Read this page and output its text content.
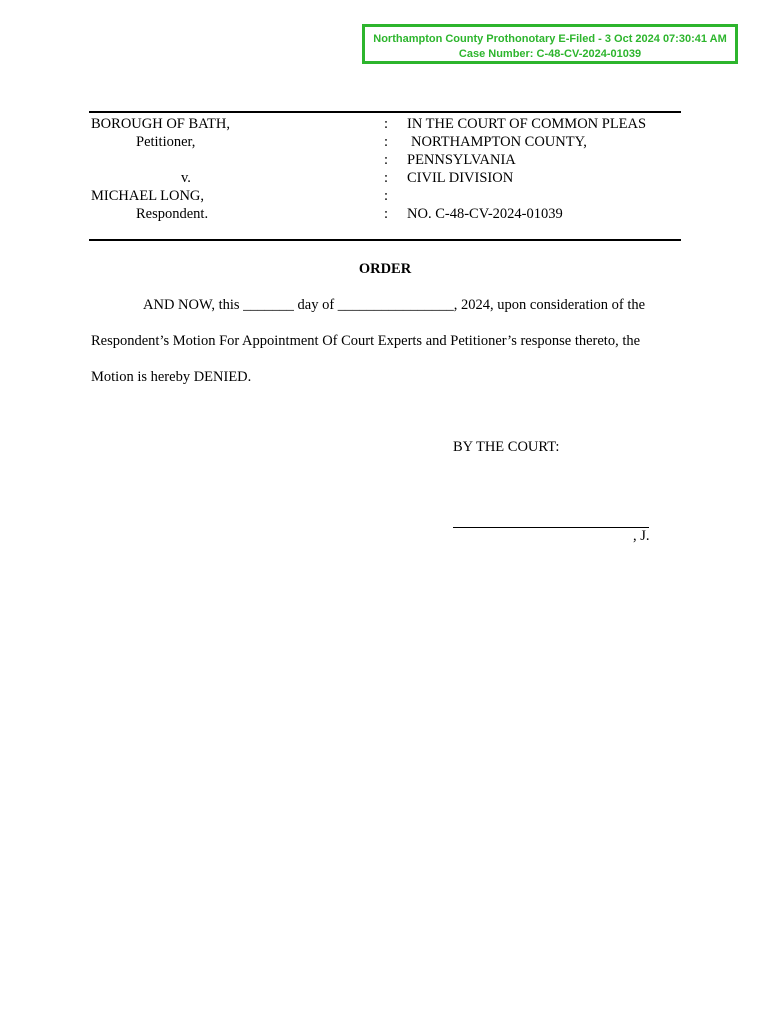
Northampton County Prothonotary E-Filed - 3 Oct 2024 07:30:41 AM
Case Number: C-48-CV-2024-01039
BOROUGH OF BATH,
Petitioner,

v.
MICHAEL LONG,
Respondent.
:
:
:
:
:
:
IN THE COURT OF COMMON PLEAS
NORTHAMPTON COUNTY,
PENNSYLVANIA
CIVIL DIVISION

NO. C-48-CV-2024-01039
ORDER
AND NOW, this _______ day of ________________, 2024, upon consideration of the
Respondent’s Motion For Appointment Of Court Experts and Petitioner’s response thereto, the
Motion is hereby DENIED.
BY THE COURT:
, J.
